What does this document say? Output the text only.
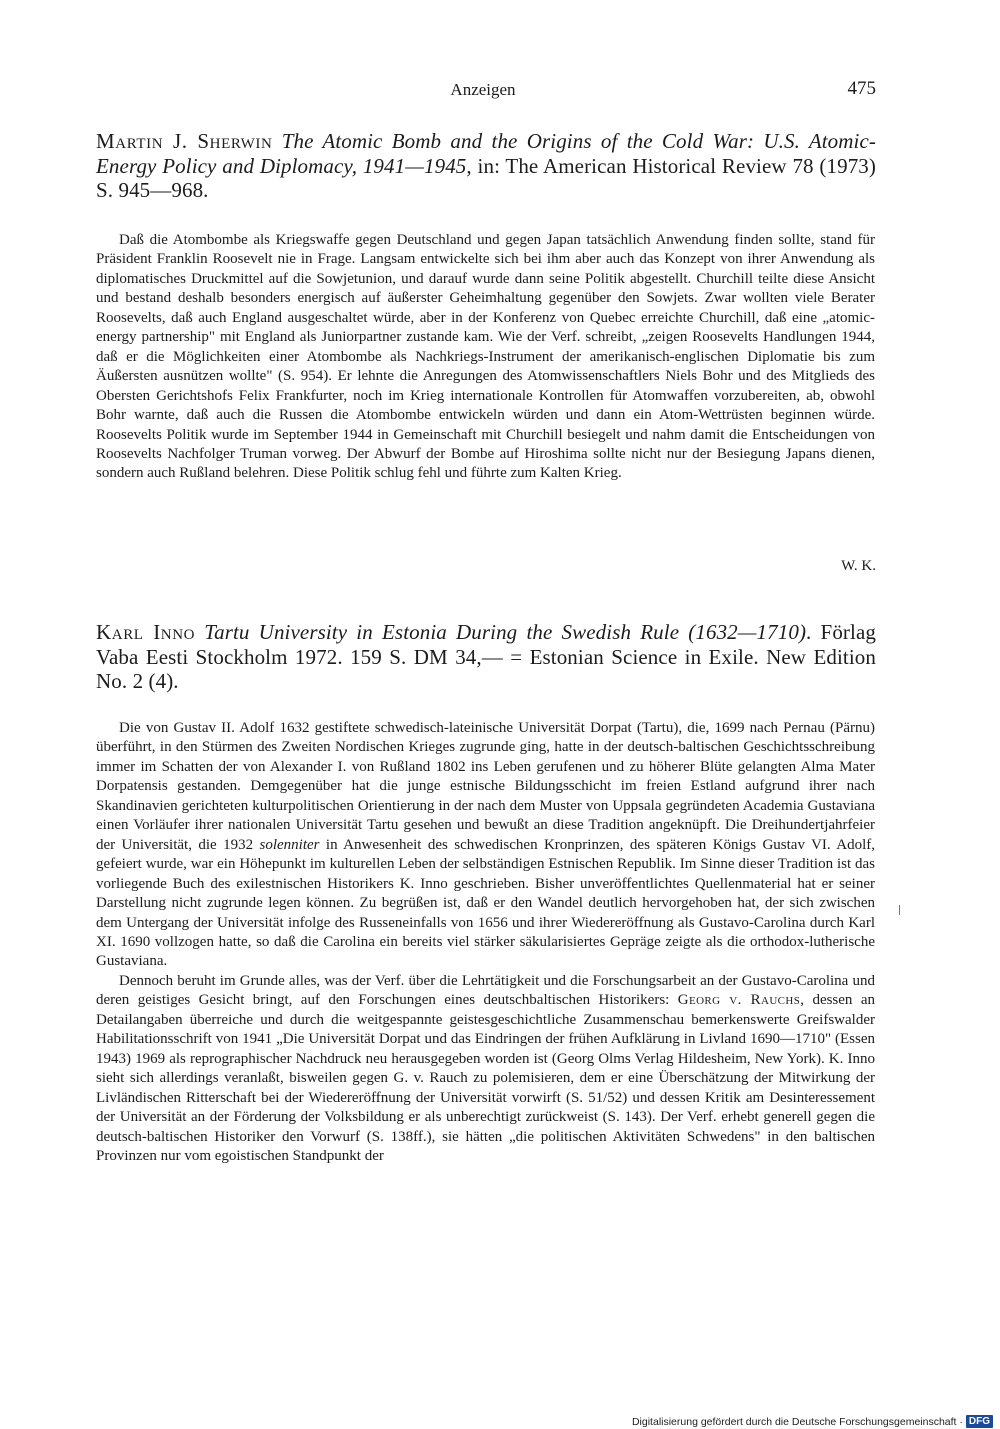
Anzeigen	475
Martin J. Sherwin The Atomic Bomb and the Origins of the Cold War: U.S. Atomic-Energy Policy and Diplomacy, 1941—1945, in: The American Historical Review 78 (1973) S. 945—968.

Daß die Atombombe als Kriegswaffe gegen Deutschland und gegen Japan tatsächlich Anwendung finden sollte, stand für Präsident Franklin Roosevelt nie in Frage. Langsam entwickelte sich bei ihm aber auch das Konzept von ihrer Anwendung als diplomatisches Druckmittel auf die Sowjetunion, und darauf wurde dann seine Politik abgestellt. Churchill teilte diese Ansicht und bestand deshalb besonders energisch auf äußerster Geheimhaltung gegenüber den Sowjets. Zwar wollten viele Berater Roosevelts, daß auch England ausgeschaltet würde, aber in der Konferenz von Quebec erreichte Churchill, daß eine „atomic-energy partnership" mit England als Juniorpartner zustande kam. Wie der Verf. schreibt, „zeigen Roosevelts Handlungen 1944, daß er die Möglichkeiten einer Atombombe als Nachkriegs-Instrument der amerikanisch-englischen Diplomatie bis zum Äußersten ausnützen wollte" (S. 954). Er lehnte die Anregungen des Atomwissenschaftlers Niels Bohr und des Mitglieds des Obersten Gerichtshofs Felix Frankfurter, noch im Krieg internationale Kontrollen für Atomwaffen vorzubereiten, ab, obwohl Bohr warnte, daß auch die Russen die Atombombe entwickeln würden und dann ein Atom-Wettrüsten beginnen würde. Roosevelts Politik wurde im September 1944 in Gemeinschaft mit Churchill besiegelt und nahm damit die Entscheidungen von Roosevelts Nachfolger Truman vorweg. Der Abwurf der Bombe auf Hiroshima sollte nicht nur der Besiegung Japans dienen, sondern auch Rußland belehren. Diese Politik schlug fehl und führte zum Kalten Krieg.

W. K.
Karl Inno Tartu University in Estonia During the Swedish Rule (1632—1710). Förlag Vaba Eesti Stockholm 1972. 159 S. DM 34,— = Estonian Science in Exile. New Edition No. 2 (4).

Die von Gustav II. Adolf 1632 gestiftete schwedisch-lateinische Universität Dorpat (Tartu), die, 1699 nach Pernau (Pärnu) überführt, in den Stürmen des Zweiten Nordischen Krieges zugrunde ging, hatte in der deutsch-baltischen Geschichtsschreibung immer im Schatten der von Alexander I. von Rußland 1802 ins Leben gerufenen und zu höherer Blüte gelangten Alma Mater Dorpatensis gestanden. Demgegenüber hat die junge estnische Bildungsschicht im freien Estland aufgrund ihrer nach Skandinavien gerichteten kulturpolitischen Orientierung in der nach dem Muster von Uppsala gegründeten Academia Gustaviana einen Vorläufer ihrer nationalen Universität Tartu gesehen und bewußt an diese Tradition angeknüpft. Die Dreihundertjahrfeier der Universität, die 1932 solenniter in Anwesenheit des schwedischen Kronprinzen, des späteren Königs Gustav VI. Adolf, gefeiert wurde, war ein Höhepunkt im kulturellen Leben der selbständigen Estnischen Republik. Im Sinne dieser Tradition ist das vorliegende Buch des exilestnischen Historikers K. Inno geschrieben. Bisher unveröffentlichtes Quellenmaterial hat er seiner Darstellung nicht zugrunde legen können. Zu begrüßen ist, daß er den Wandel deutlich hervorgehoben hat, der sich zwischen dem Untergang der Universität infolge des Russeneinfalls von 1656 und ihrer Wiedereröffnung als Gustavo-Carolina durch Karl XI. 1690 vollzogen hatte, so daß die Carolina ein bereits viel stärker säkularisiertes Gepräge zeigte als die orthodox-lutherische Gustaviana.

Dennoch beruht im Grunde alles, was der Verf. über die Lehrtätigkeit und die Forschungsarbeit an der Gustavo-Carolina und deren geistiges Gesicht bringt, auf den Forschungen eines deutschbaltischen Historikers: Georg v. Rauchs, dessen an Detailangaben überreiche und durch die weitgespannte geistesgeschichtliche Zusammenschau bemerkenswerte Greifswalder Habilitationsschrift von 1941 „Die Universität Dorpat und das Eindringen der frühen Aufklärung in Livland 1690—1710" (Essen 1943) 1969 als reprographischer Nachdruck neu herausgegeben worden ist (Georg Olms Verlag Hildesheim, New York). K. Inno sieht sich allerdings veranlaßt, bisweilen gegen G. v. Rauch zu polemisieren, dem er eine Überschätzung der Mitwirkung der Livländischen Ritterschaft bei der Wiedereröffnung der Universität vorwirft (S. 51/52) und dessen Kritik am Desinteressement der Universität an der Förderung der Volksbildung er als unberechtigt zurückweist (S. 143). Der Verf. erhebt generell gegen die deutsch-baltischen Historiker den Vorwurf (S. 138ff.), sie hätten „die politischen Aktivitäten Schwedens" in den baltischen Provinzen nur vom egoistischen Standpunkt der

Digitalisierung gefördert durch die Deutsche Forschungsgemeinschaft · DFG
